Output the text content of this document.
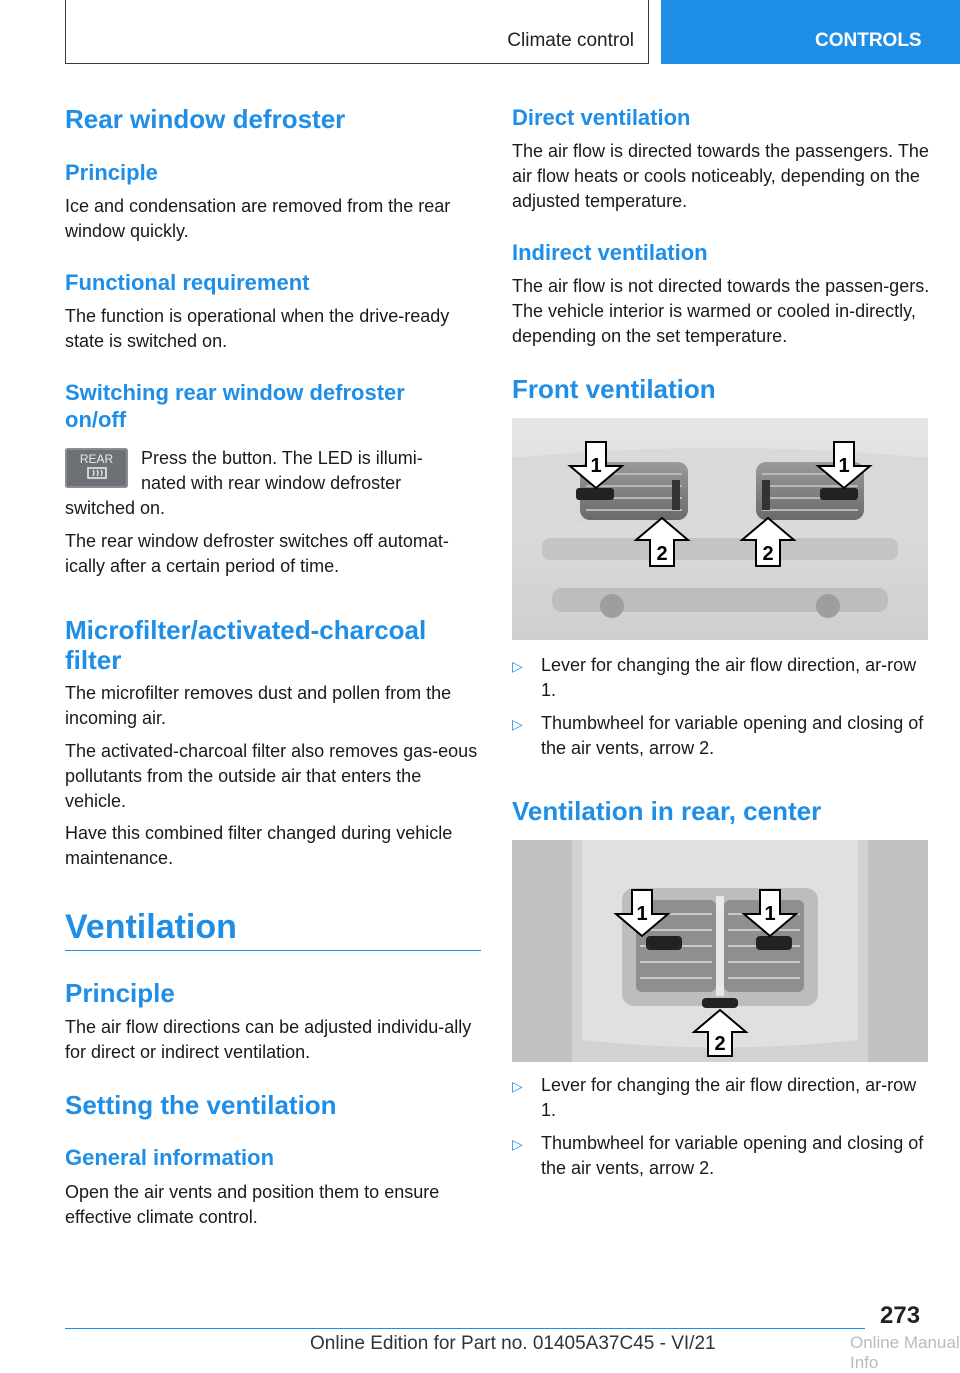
Climate control	CONTROLS
Rear window defroster
Principle

Ice and condensation are removed from the rear window quickly.

Functional requirement

The function is operational when the drive-ready state is switched on.

Switching rear window defroster
on/off
REAR	Press the button. The LED is illumi-

nated with rear window defroster

switched on.

The rear window defroster switches off automat-ically after a certain period of time.

Microfilter/activated-charcoal
filter

The microfilter removes dust and pollen from the incoming air.

The activated-charcoal filter also removes gas-eous pollutants from the outside air that enters the vehicle.

Have this combined filter changed during vehicle maintenance.

Ventilation
Principle

The air flow directions can be adjusted individu-ally for direct or indirect ventilation.

Setting the ventilation
General information

Open the air vents and position them to ensure effective climate control.

Direct ventilation

The air flow is directed towards the passengers. The air flow heats or cools noticeably, depending on the adjusted temperature.

Indirect ventilation

The air flow is not directed towards the passen-gers. The vehicle interior is warmed or cooled in-directly, depending on the set temperature.

Front ventilation
1	1
2	2
▷	Lever for changing the air flow direction, ar-row 1.
▷	Thumbwheel for variable opening and closing of the air vents, arrow 2.
Ventilation in rear, center
1	1
2
▷	Lever for changing the air flow direction, ar-row 1.
▷	Thumbwheel for variable opening and closing of the air vents, arrow 2.
273
Online Edition for Part no. 01405A37C45 - VI/21	Online Manual Info
